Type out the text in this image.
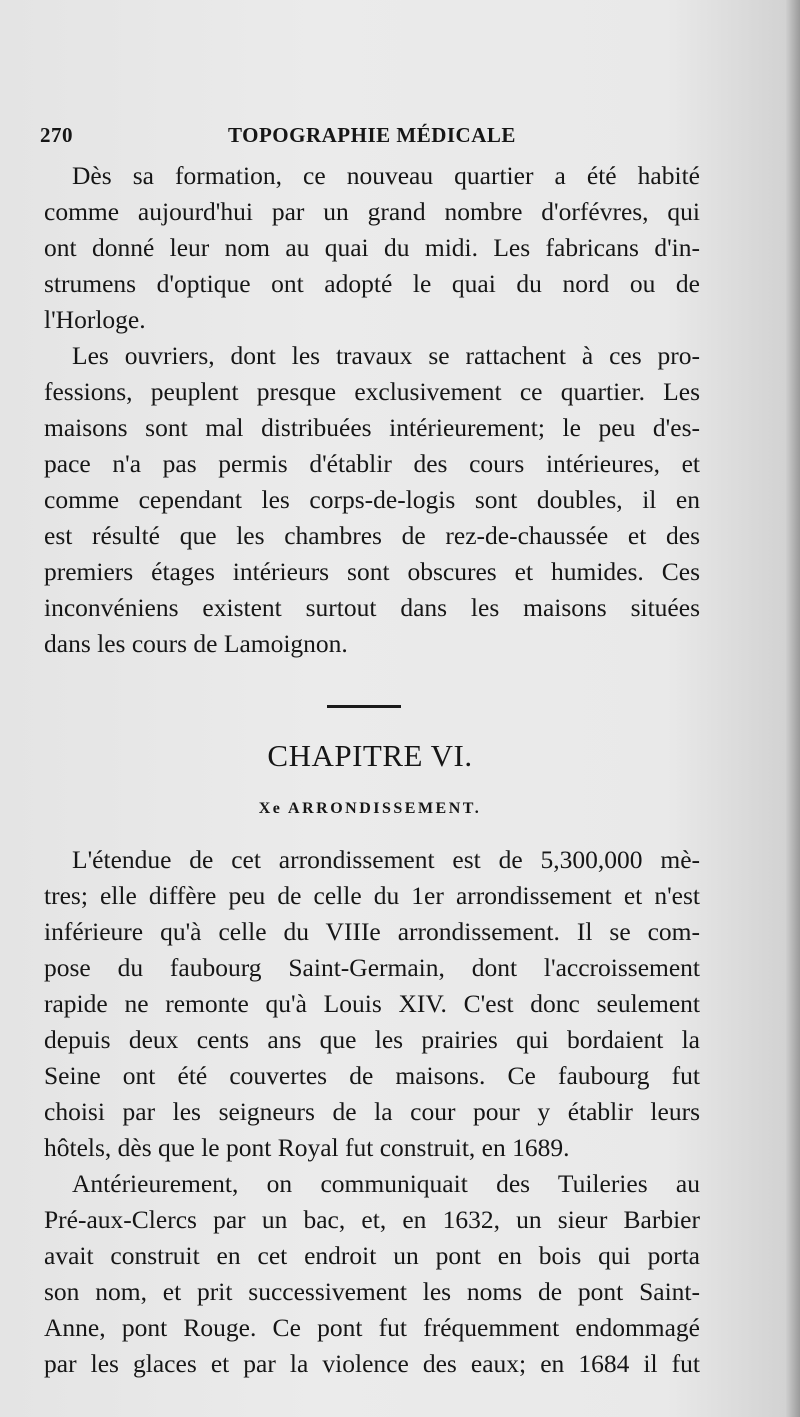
270	TOPOGRAPHIE MÉDICALE
Dès sa formation, ce nouveau quartier a été habité
comme aujourd'hui par un grand nombre d'orfévres, qui
ont donné leur nom au quai du midi. Les fabricans d'in-
strumens d'optique ont adopté le quai du nord ou de
l'Horloge.
Les ouvriers, dont les travaux se rattachent à ces pro-
fessions, peuplent presque exclusivement ce quartier. Les
maisons sont mal distribuées intérieurement; le peu d'es-
pace n'a pas permis d'établir des cours intérieures, et
comme cependant les corps-de-logis sont doubles, il en
est résulté que les chambres de rez-de-chaussée et des
premiers étages intérieurs sont obscures et humides. Ces
inconvéniens existent surtout dans les maisons situées
dans les cours de Lamoignon.
CHAPITRE VI.
Xe ARRONDISSEMENT.
L'étendue de cet arrondissement est de 5,300,000 mè-
tres; elle diffère peu de celle du 1er arrondissement et n'est
inférieure qu'à celle du VIIIe arrondissement. Il se com-
pose du faubourg Saint-Germain, dont l'accroissement
rapide ne remonte qu'à Louis XIV. C'est donc seulement
depuis deux cents ans que les prairies qui bordaient la
Seine ont été couvertes de maisons. Ce faubourg fut
choisi par les seigneurs de la cour pour y établir leurs
hôtels, dès que le pont Royal fut construit, en 1689.
Antérieurement, on communiquait des Tuileries au
Pré-aux-Clercs par un bac, et, en 1632, un sieur Barbier
avait construit en cet endroit un pont en bois qui porta
son nom, et prit successivement les noms de pont Saint-
Anne, pont Rouge. Ce pont fut fréquemment endommagé
par les glaces et par la violence des eaux; en 1684 il fut
